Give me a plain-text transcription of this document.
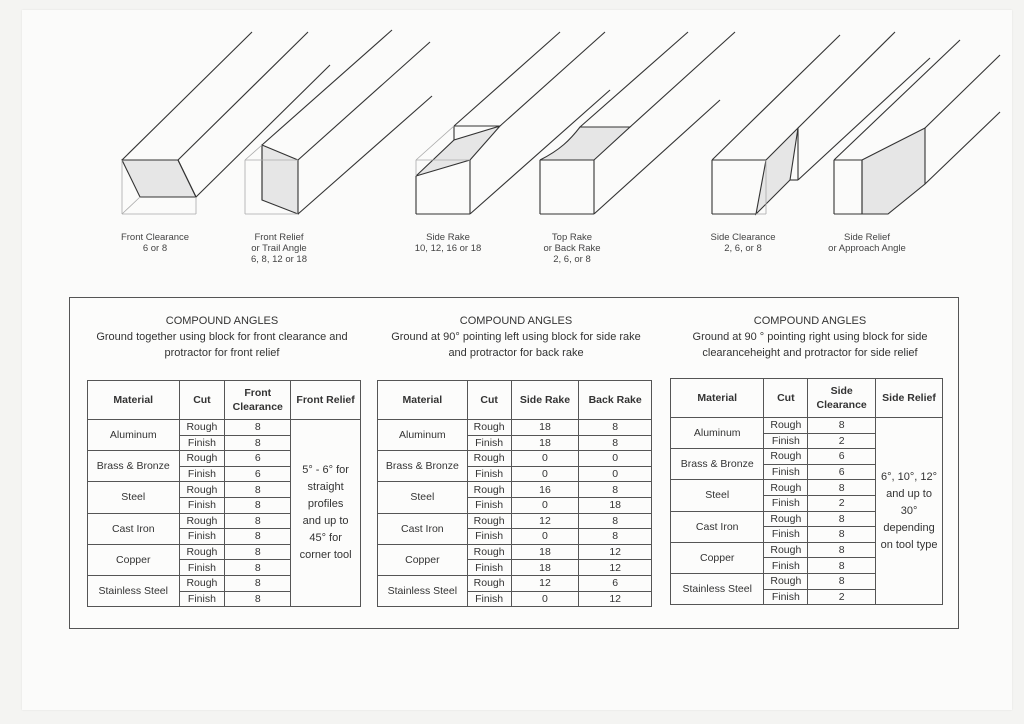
Front Clearance
6 or 8
Front Relief
or Trail Angle
6, 8, 12 or 18
Side Rake
10, 12, 16 or 18
Top Rake
or Back Rake
2, 6, or 8
Side Clearance
2, 6, or 8
Side Relief
or Approach Angle
COMPOUND ANGLES
Ground together using block for front clearance and
protractor for front relief
Material	Cut	Front Clearance	Front Relief
Aluminum	Rough	8	5° - 6° for straight profiles and up to 45° for corner tool
	Finish	8	
Brass & Bronze	Rough	6	
	Finish	6	
Steel	Rough	8	
	Finish	8	
Cast Iron	Rough	8	
	Finish	8	
Copper	Rough	8	
	Finish	8	
Stainless Steel	Rough	8	
	Finish	8	
COMPOUND ANGLES
Ground at 90° pointing left using block for side rake
and protractor for back rake
Material	Cut	Side Rake	Back Rake
Aluminum	Rough	18	8
	Finish	18	8
Brass & Bronze	Rough	0	0
	Finish	0	0
Steel	Rough	16	8
	Finish	0	18
Cast Iron	Rough	12	8
	Finish	0	8
Copper	Rough	18	12
	Finish	18	12
Stainless Steel	Rough	12	6
	Finish	0	12
COMPOUND ANGLES
Ground at 90 ° pointing right using block for side
clearanceheight and protractor for side relief
Material	Cut	Side Clearance	Side Relief
Aluminum	Rough	8	6°, 10°, 12° and up to 30° depending on tool type
	Finish	2	
Brass & Bronze	Rough	6	
	Finish	6	
Steel	Rough	8	
	Finish	2	
Cast Iron	Rough	8	
	Finish	8	
Copper	Rough	8	
	Finish	8	
Stainless Steel	Rough	8	
	Finish	2	
